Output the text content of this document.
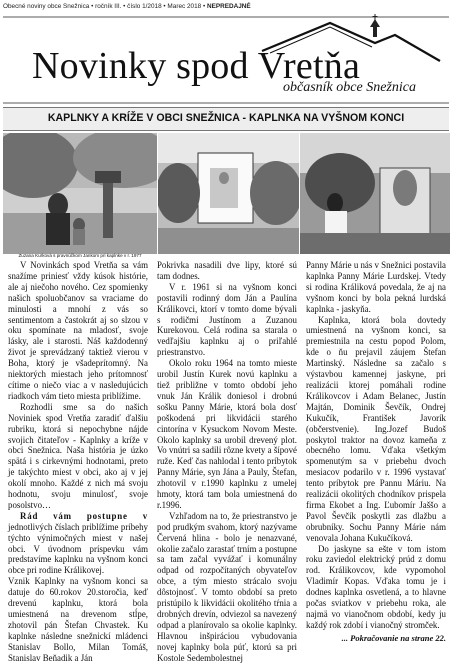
Obecné noviny obce Snežnica • ročník III. • číslo 1/2018 • Marec 2018 • NEPREDAJNÉ
Novinky spod Vretňa
občasník obce Snežnica
KAPLNKY A KRÍŽE V OBCI SNEŽNICA - KAPLNKA NA VYŠNOM KONCI
Zuzana Kurková s pravnúčkom Jankom pri kaplnke v r. 1977

V Novinkách spod Vretňa sa vám snažíme priniesť vždy kúsok histórie, ale aj niečoho nového. Cez spomienky našich spoluobčanov sa vraciame do minulosti a mnohí z vás so sentimentom a častokrát aj so slzou v oku spomínate na mladosť, svoje lásky, ale i starosti. Náš každodenný život je sprevádzaný taktiež vierou v Boha, ktorý je všadeprítomný. Na niektorých miestach jeho prítomnosť cítime o niečo viac a v nasledujúcich riadkoch vám tieto miesta priblížime.

Rozhodli sme sa do našich Noviniek spod Vretňa zaradiť ďalšiu rubriku, ktorá si nepochybne nájde svojich čitateľov - Kaplnky a kríže v obci Snežnica. Naša história je úzko spätá i s cirkevnými hodnotami, preto je takýchto miest v obci, ako aj v jej okolí mnoho. Každé z nich má svoju hodnotu, svoju minulosť, svoje posolstvo…

Rád vám postupne v jednotlivých číslach priblížime príbehy týchto výnimočných miest v našej obci. V úvodnom príspevku vám predstavíme kaplnku na vyšnom konci obce pri rodine Králikovej.

Vznik Kaplnky na vyšnom konci sa datuje do 60.rokov 20.storočia, keď drevenú kaplnku, ktorá bola umiestnená na drevenom stĺpe, zhotovil pán Štefan Chvastek. Ku kaplnke následne snežnickí mládenci Stanislav Bollo, Milan Tomáš, Stanislav Beňadik a Ján

Pokrivka nasadili dve lipy, ktoré sú tam dodnes.

V r. 1961 si na vyšnom konci postavili rodinný dom Ján a Paulína Králikovci, ktorí v tomto dome bývali s rodičmi Justínom a Zuzanou Kurekovou. Celá rodina sa starala o vedľajšiu kaplnku aj o priľahlé priestranstvo.

Okolo roku 1964 na tomto mieste urobil Justín Kurek novú kaplnku a tiež približne v tomto období jeho vnuk Ján Králik doniesol i drobnú sošku Panny Márie, ktorá bola dosť poškodená pri likvidácii starého cintorína v Kysuckom Novom Meste. Okolo kaplnky sa urobil drevený plot. Vo vnútri sa sadili rôzne kvety a šípové ruže. Keď čas nahlodal i tento príbytok Panny Márie, syn Jána a Pauly, Štefan, zhotovil v r.1990 kaplnku z umelej hmoty, ktorá tam bola umiestnená do r.1996.

Vzhľadom na to, že priestranstvo je pod prudkým svahom, ktorý nazývame Červená hlina - bolo je nenazvané, okolie začalo zarastať trním a postupne sa tam začal vyvážať i komunálny odpad od rozpočítaných obyvateľov obce, a tým miesto strácalo svoju dôstojnosť. V tomto období sa preto pristúpilo k likvidácii okolitého tŕnia a drobných drevín, odviezol sa navezený odpad a planírovalo sa okolie kaplnky. Hlavnou inšpiráciou vybudovania novej kaplnky bola púť, ktorú sa pri Kostole Sedembolestnej

Panny Márie u nás v Snežnici postavila kaplnka Panny Márie Lurdskej. Vtedy si rodina Králiková povedala, že aj na vyšnom konci by bola pekná lurdská kaplnka - jaskyňa.

Kaplnka, ktorá bola dovtedy umiestnená na vyšnom konci, sa premiestnila na cestu popod Polom, kde o ňu prejavil záujem Štefan Martinský. Následne sa začalo s výstavbou kamennej jaskyne, pri realizácii ktorej pomáhali rodine Králikovcov i Adam Belanec, Justín Majtán, Dominik Ševčík, Ondrej Kukučík, František Javorík (občerstvenie). Ing.Jozef Budoš poskytol traktor na dovoz kameňa z obecného lomu. Vďaka všetkým spomenutým sa v priebehu dvoch mesiacov podarilo v r. 1996 vystavať tento príbytok pre Pannu Máriu. Na realizácii okolitých chodníkov prispela firma Ekobet a Ing. Ľubomír Jaššo a Pavol Ševčík poskytli zas dlažbu a obrubníky. Sochu Panny Márie nám venovala Johana Kukučíková.

Do jaskyne sa ešte v tom istom roku zaviedol elektrický prúd z domu rod. Králikovcov, kde vypomohol Vladimír Kopas. Vďaka tomu je i dodnes kaplnka osvetlená, a to hlavne počas sviatkov v priebehu roka, ale najmä vo vianočnom období, kedy ju každý rok zdobí i vianočný stromček.

... Pokračovanie na strane 22.
